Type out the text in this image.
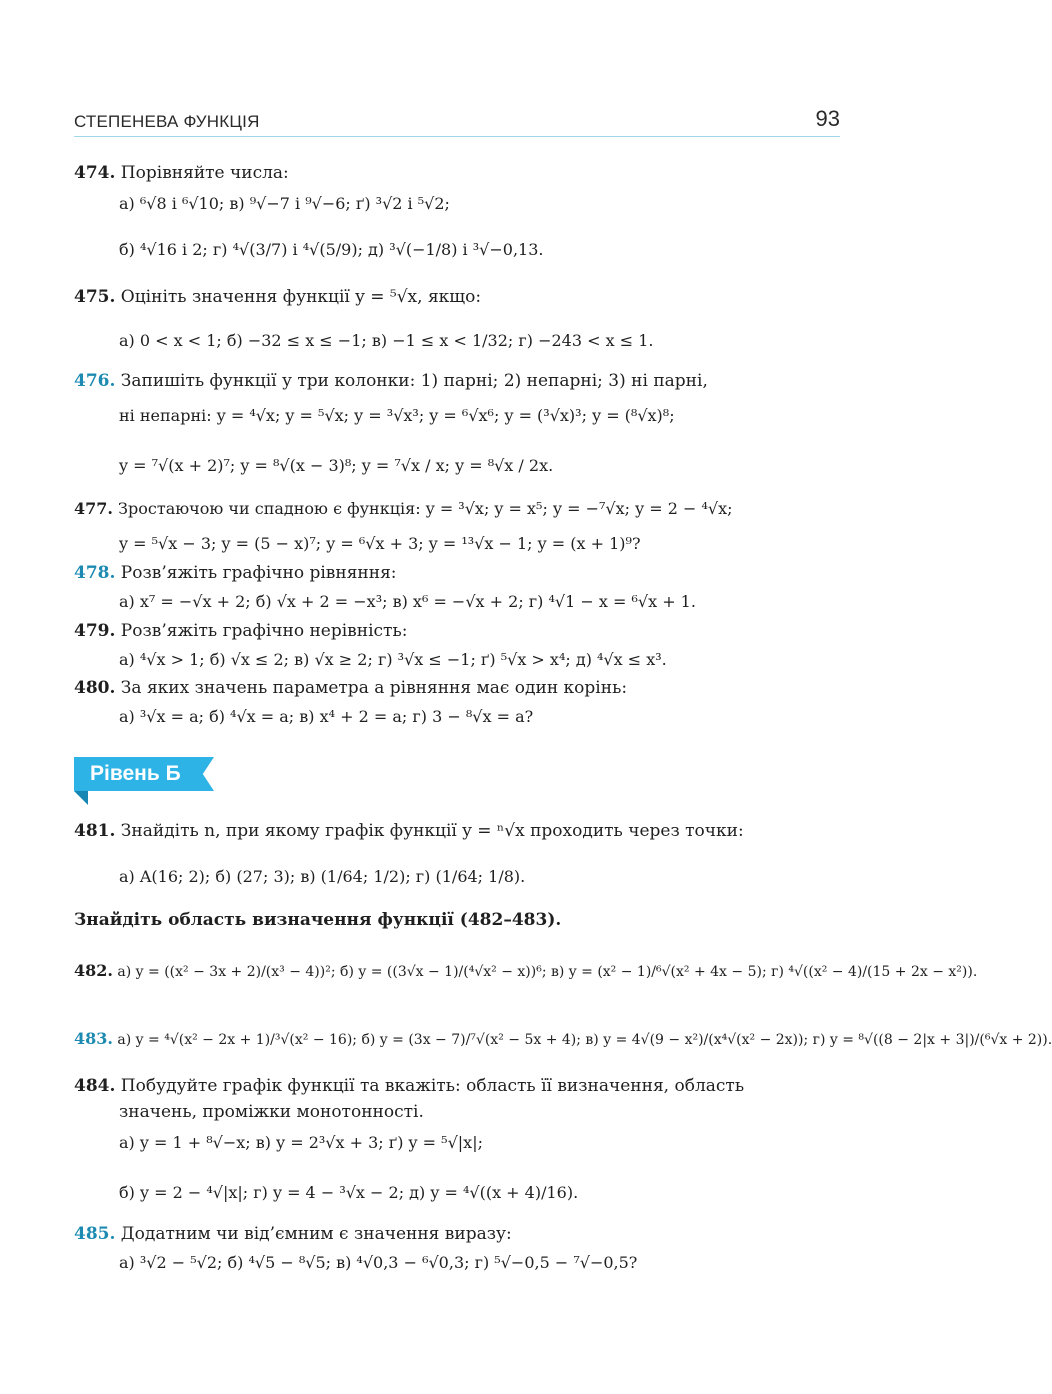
СТЕПЕНЕВА ФУНКЦІЯ	93
474. Порівняйте числа:
а) ⁶√8 і ⁶√10; в) ⁹√−7 і ⁹√−6; ґ) ³√2 і ⁵√2;
б) ⁴√16 і 2; г) ⁴√(3/7) і ⁴√(5/9); д) ³√(−1/8) і ³√−0,13.
475. Оцініть значення функції y = ⁵√x, якщо:
а) 0 < x < 1; б) −32 ≤ x ≤ −1; в) −1 ≤ x < 1/32; г) −243 < x ≤ 1.
476. Запишіть функції у три колонки: 1) парні; 2) непарні; 3) ні парні,
ні непарні: y = ⁴√x; y = ⁵√x; y = ³√x³; y = ⁶√x⁶; y = (³√x)³; y = (⁸√x)⁸;
y = ⁷√(x + 2)⁷; y = ⁸√(x − 3)⁸; y = ⁷√x / x; y = ⁸√x / 2x.
477. Зростаючою чи спадною є функція: y = ³√x; y = x⁵; y = −⁷√x; y = 2 − ⁴√x;
y = ⁵√x − 3; y = (5 − x)⁷; y = ⁶√x + 3; y = ¹³√x − 1; y = (x + 1)⁹?
478. Розв’яжіть графічно рівняння:
а) x⁷ = −√x + 2; б) √x + 2 = −x³; в) x⁶ = −√x + 2; г) ⁴√1 − x = ⁶√x + 1.
479. Розв’яжіть графічно нерівність:
а) ⁴√x > 1; б) √x ≤ 2; в) √x ≥ 2; г) ³√x ≤ −1; ґ) ⁵√x > x⁴; д) ⁴√x ≤ x³.
480. За яких значень параметра a рівняння має один корінь:
а) ³√x = a; б) ⁴√x = a; в) x⁴ + 2 = a; г) 3 − ⁸√x = a?
Рівень Б
481. Знайдіть n, при якому графік функції y = ⁿ√x проходить через точки:
а) A(16; 2); б) (27; 3); в) (1/64; 1/2); г) (1/64; 1/8).
Знайдіть область визначення функції (482–483).
482. а) y = ((x² − 3x + 2)/(x³ − 4))²; б) y = ((3√x − 1)/(⁴√x² − x))⁶; в) y = (x² − 1)/⁶√(x² + 4x − 5); г) ⁴√((x² − 4)/(15 + 2x − x²)).
483. а) y = ⁴√(x² − 2x + 1)/³√(x² − 16); б) y = (3x − 7)/⁷√(x² − 5x + 4); в) y = 4√(9 − x²)/(x⁴√(x² − 2x)); г) y = ⁸√((8 − 2|x + 3|)/(⁶√x + 2)).
484. Побудуйте графік функції та вкажіть: область її визначення, область
значень, проміжки монотонності.
а) y = 1 + ⁸√−x; в) y = 2³√x + 3; ґ) y = ⁵√|x|;
б) y = 2 − ⁴√|x|; г) y = 4 − ³√x − 2; д) y = ⁴√((x + 4)/16).
485. Додатним чи від’ємним є значення виразу:
а) ³√2 − ⁵√2; б) ⁴√5 − ⁸√5; в) ⁴√0,3 − ⁶√0,3; г) ⁵√−0,5 − ⁷√−0,5?
